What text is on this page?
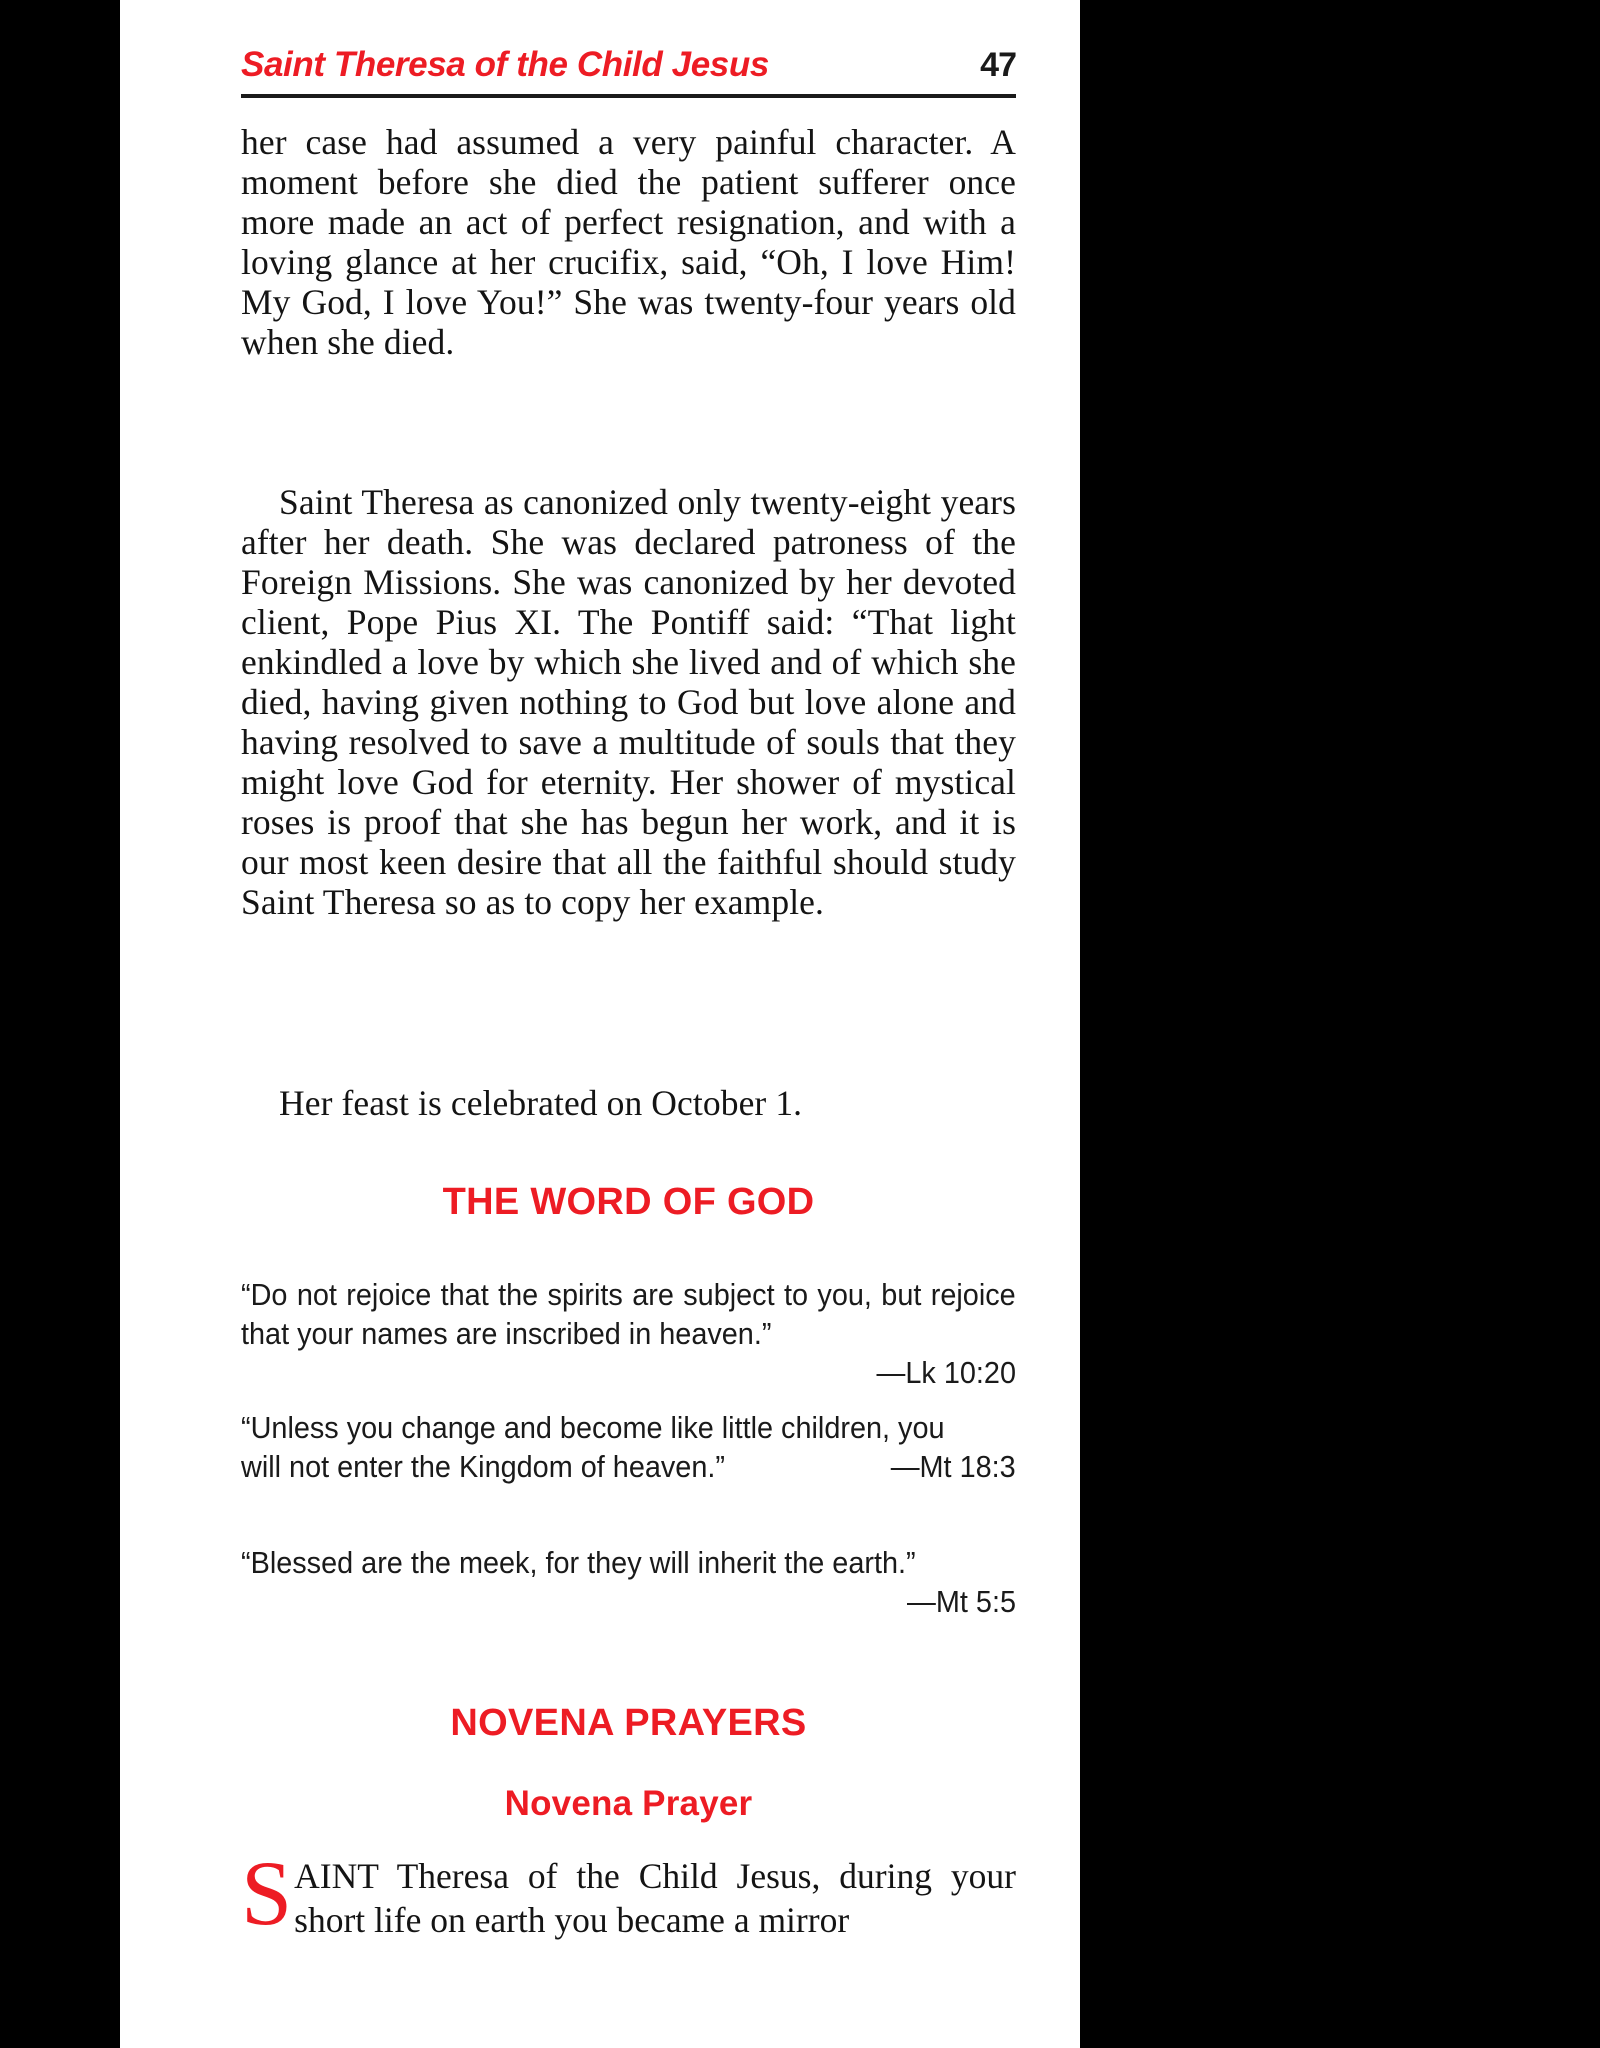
Saint Theresa of the Child Jesus	47

her case had assumed a very painful character. A moment before she died the patient sufferer once more made an act of perfect resignation, and with a loving glance at her crucifix, said, “Oh, I love Him! My God, I love You!” She was twenty-four years old when she died.

Saint Theresa as canonized only twenty-eight years after her death. She was declared patroness of the Foreign Missions. She was canonized by her devoted client, Pope Pius XI. The Pontiff said: “That light enkindled a love by which she lived and of which she died, having given nothing to God but love alone and having resolved to save a multitude of souls that they might love God for eternity. Her shower of mystical roses is proof that she has begun her work, and it is our most keen desire that all the faithful should study Saint Theresa so as to copy her example.

Her feast is celebrated on October 1.

THE WORD OF GOD
“Do not rejoice that the spirits are subject to you, but rejoice that your names are inscribed in heaven.”
—Lk 10:20
“Unless you change and become like little children, you
will not enter the Kingdom of heaven.”	—Mt 18:3
“Blessed are the meek, for they will inherit the earth.”
—Mt 5:5
NOVENA PRAYERS
Novena Prayer

SAINT Theresa of the Child Jesus, during your short life on earth you became a mirror
